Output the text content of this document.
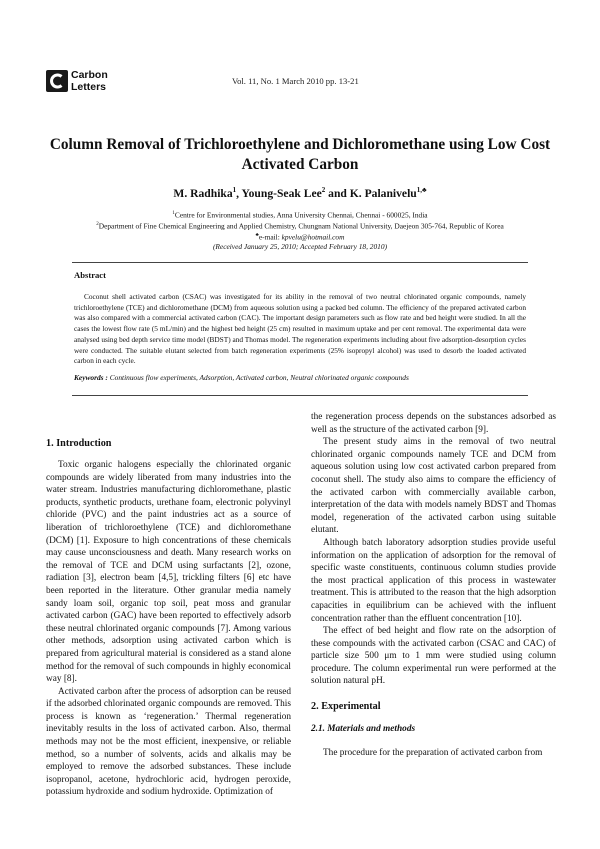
Carbon
Letters	Vol. 11, No. 1 March 2010 pp. 13-21
Column Removal of Trichloroethylene and Dichloromethane using Low Cost Activated Carbon
M. Radhika$^1$, Young-Seak Lee$^2$ and K. Palanivelu$^{1,♣}$
$^1$Centre for Environmental studies, Anna University Chennai, Chennai - 600025, India
$^2$Department of Fine Chemical Engineering and Applied Chemistry, Chungnam National University, Daejeon 305-764, Republic of Korea
♣e-mail: kpvelu@hotmail.com
(Received January 25, 2010; Accepted February 18, 2010)
Abstract
Coconut shell activated carbon (CSAC) was investigated for its ability in the removal of two neutral chlorinated organic compounds, namely trichloroethylene (TCE) and dichloromethane (DCM) from aqueous solution using a packed bed column. The efficiency of the prepared activated carbon was also compared with a commercial activated carbon (CAC). The important design parameters such as flow rate and bed height were studied. In all the cases the lowest flow rate (5 mL/min) and the highest bed height (25 cm) resulted in maximum uptake and per cent removal. The experimental data were analysed using bed depth service time model (BDST) and Thomas model. The regeneration experiments including about five adsorption-desorption cycles were conducted. The suitable elutant selected from batch regeneration experiments (25% isopropyl alcohol) was used to desorb the loaded activated carbon in each cycle.
Keywords : Continuous flow experiments, Adsorption, Activated carbon, Neutral chlorinated organic compounds
1. Introduction

Toxic organic halogens especially the chlorinated organic compounds are widely liberated from many industries into the water stream. Industries manufacturing dichloromethane, plastic products, synthetic products, urethane foam, electronic polyvinyl chloride (PVC) and the paint industries act as a source of liberation of trichloroethylene (TCE) and dichloromethane (DCM) [1]. Exposure to high concentrations of these chemicals may cause unconsciousness and death. Many research works on the removal of TCE and DCM using surfactants [2], ozone, radiation [3], electron beam [4,5], trickling filters [6] etc have been reported in the literature. Other granular media namely sandy loam soil, organic top soil, peat moss and granular activated carbon (GAC) have been reported to effectively adsorb these neutral chlorinated organic compounds [7]. Among various other methods, adsorption using activated carbon which is prepared from agricultural material is considered as a stand alone method for the removal of such compounds in highly economical way [8].

Activated carbon after the process of adsorption can be reused if the adsorbed chlorinated organic compounds are removed. This process is known as ‘regeneration.’ Thermal regeneration inevitably results in the loss of activated carbon. Also, thermal methods may not be the most efficient, inexpensive, or reliable method, so a number of solvents, acids and alkalis may be employed to remove the adsorbed substances. These include isopropanol, acetone, hydrochloric acid, hydrogen peroxide, potassium hydroxide and sodium hydroxide. Optimization of

the regeneration process depends on the substances adsorbed as well as the structure of the activated carbon [9].

The present study aims in the removal of two neutral chlorinated organic compounds namely TCE and DCM from aqueous solution using low cost activated carbon prepared from coconut shell. The study also aims to compare the efficiency of the activated carbon with commercially available carbon, interpretation of the data with models namely BDST and Thomas model, regeneration of the activated carbon using suitable elutant.

Although batch laboratory adsorption studies provide useful information on the application of adsorption for the removal of specific waste constituents, continuous column studies provide the most practical application of this process in wastewater treatment. This is attributed to the reason that the high adsorption capacities in equilibrium can be achieved with the influent concentration rather than the effluent concentration [10].

The effect of bed height and flow rate on the adsorption of these compounds with the activated carbon (CSAC and CAC) of particle size 500 μm to 1 mm were studied using column procedure. The column experimental run were performed at the solution natural pH.

2. Experimental
2.1. Materials and methods

The procedure for the preparation of activated carbon from
